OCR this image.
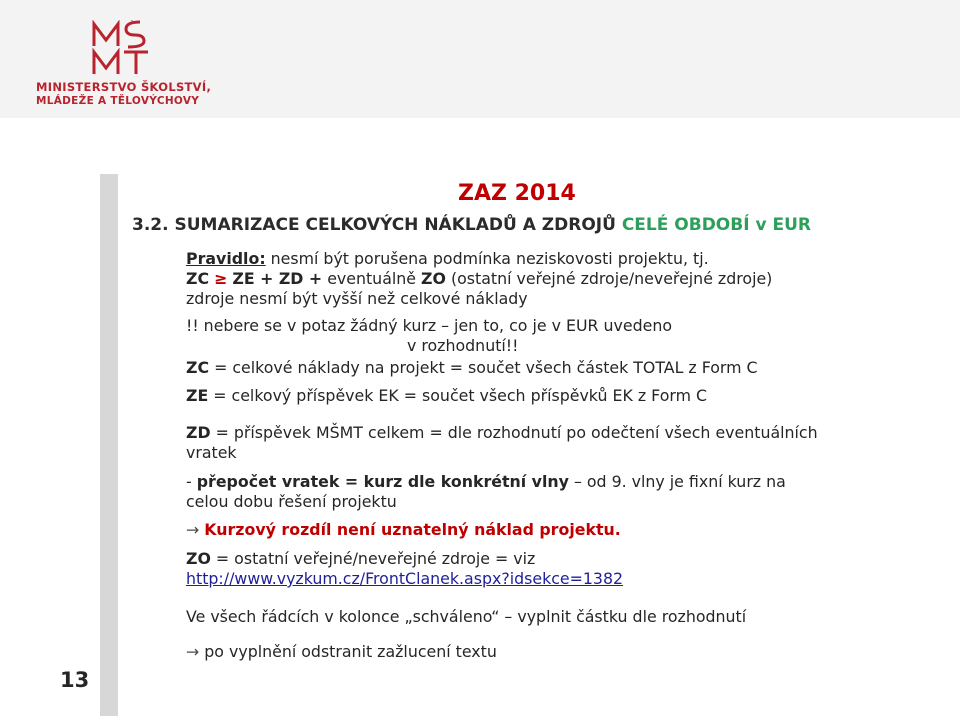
MINISTERSTVO ŠKOLSTVÍ,
MLÁDEŽE A TĚLOVÝCHOVY
ZAZ 2014
3.2. SUMARIZACE CELKOVÝCH NÁKLADŮ A ZDROJŮ CELÉ OBDOBÍ v EUR
Pravidlo: nesmí být porušena podmínka neziskovosti projektu, tj.
ZC ≥ ZE + ZD + eventuálně ZO (ostatní veřejné zdroje/neveřejné zdroje)
zdroje nesmí být vyšší než celkové náklady
!! nebere se v potaz žádný kurz – jen to, co je v EUR uvedeno
v rozhodnutí!!
ZC = celkové náklady na projekt = součet všech částek TOTAL z Form C
ZE = celkový příspěvek EK = součet všech příspěvků EK z Form C
ZD = příspěvek MŠMT celkem = dle rozhodnutí po odečtení všech eventuálních
vratek
- přepočet vratek = kurz dle konkrétní vlny – od 9. vlny je fixní kurz na
celou dobu řešení projektu
→ Kurzový rozdíl není uznatelný náklad projektu.
ZO = ostatní veřejné/neveřejné zdroje = viz
http://www.vyzkum.cz/FrontClanek.aspx?idsekce=1382
Ve všech řádcích v kolonce „schváleno“ – vyplnit částku dle rozhodnutí
→ po vyplnění odstranit zažlucení textu
13
